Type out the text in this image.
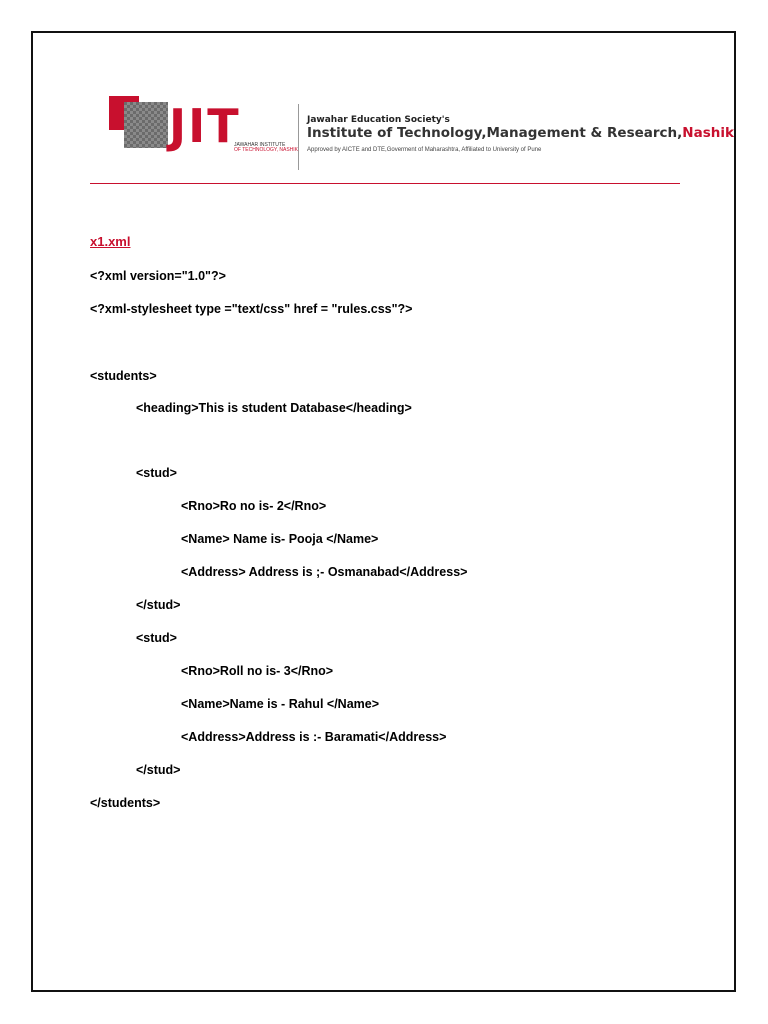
JIT
JAWAHAR INSTITUTE
OF TECHNOLOGY, NASHIK
Jawahar Education Society's
Institute of Technology,Management & Research,Nashik
Approved by AICTE and DTE,Goverment of Maharashtra, Affiliated to University of Pune
x1.xml
<?xml version="1.0"?>
<?xml-stylesheet type ="text/css" href = "rules.css"?>
<students>
<heading>This is student Database</heading>
<stud>
<Rno>Ro no is- 2</Rno>
<Name> Name is- Pooja </Name>
<Address> Address is ;- Osmanabad</Address>
</stud>
<stud>
<Rno>Roll no is- 3</Rno>
<Name>Name is - Rahul </Name>
<Address>Address is :- Baramati</Address>
</stud>
</students>
